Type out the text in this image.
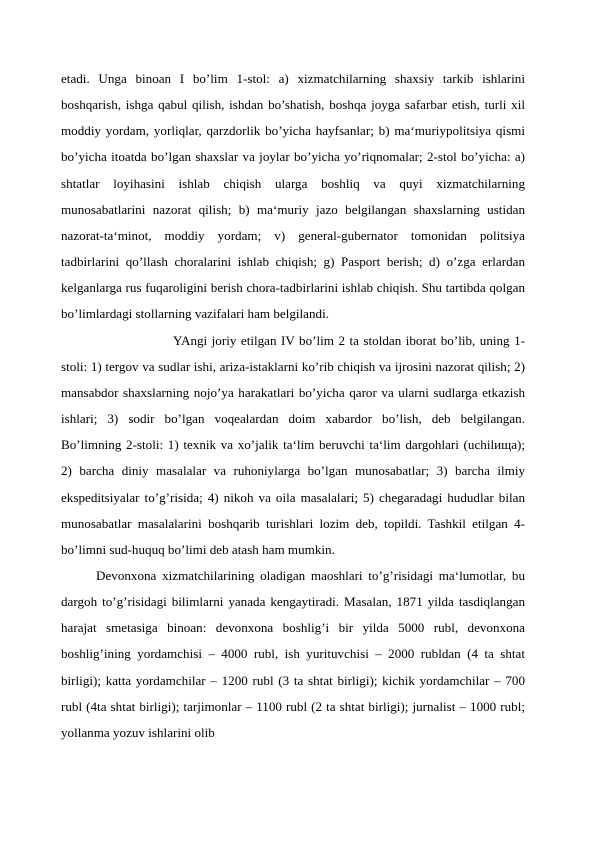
etadi. Unga binoan I bo’lim 1-stol: a) xizmatchilarning shaxsiy tarkib ishlarini boshqarish, ishga qabul qilish, ishdan bo’shatish, boshqa joyga safarbar etish, turli xil moddiy yordam, yorliqlar, qarzdorlik bo’yicha hayfsanlar; b) ma‘muriypolitsiya qismi bo’yicha itoatda bo’lgan shaxslar va joylar bo’yicha yo’riqnomalar; 2-stol bo’yicha: a) shtatlar loyihasini ishlab chiqish ularga boshliq va quyi xizmatchilarning munosabatlarini nazorat qilish; b) ma‘muriy jazo belgilangan shaxslarning ustidan nazorat-ta‘minot, moddiy yordam; v) general-gubernator tomonidan politsiya tadbirlarini qo’llash choralarini ishlab chiqish; g) Pasport berish; d) o’zga erlardan kelganlarga rus fuqaroligini berish chora-tadbirlarini ishlab chiqish. Shu tartibda qolgan bo’limlardagi stollarning vazifalari ham belgilandi.

YAngi joriy etilgan IV bo’lim 2 ta stoldan iborat bo’lib, uning 1-stoli: 1) tergov va sudlar ishi, ariza-istaklarni ko’rib chiqish va ijrosini nazorat qilish; 2) mansabdor shaxslarning nojo’ya harakatlari bo’yicha qaror va ularni sudlarga etkazish ishlari; 3) sodir bo’lgan voqealardan doim xabardor bo’lish, deb belgilangan. Bo’limning 2-stoli: 1) texnik va xo’jalik ta‘lim beruvchi ta‘lim dargohlari (uchilища); 2) barcha diniy masalalar va ruhoniylarga bo’lgan munosabatlar; 3) barcha ilmiy ekspeditsiyalar to’g’risida; 4) nikoh va oila masalalari; 5) chegaradagi hududlar bilan munosabatlar masalalarini boshqarib turishlari lozim deb, topildi. Tashkil etilgan 4-bo’limni sud-huquq bo’limi deb atash ham mumkin.

Devonxona xizmatchilarining oladigan maoshlari to’g’risidagi ma‘lumotlar, bu dargoh to’g’risidagi bilimlarni yanada kengaytiradi. Masalan, 1871 yilda tasdiqlangan harajat smetasiga binoan: devonxona boshlig’i bir yilda 5000 rubl, devonxona boshlig’ining yordamchisi – 4000 rubl, ish yurituvchisi – 2000 rubldan (4 ta shtat birligi); katta yordamchilar – 1200 rubl (3 ta shtat birligi); kichik yordamchilar – 700 rubl (4ta shtat birligi); tarjimonlar – 1100 rubl (2 ta shtat birligi); jurnalist – 1000 rubl; yollanma yozuv ishlarini olib
